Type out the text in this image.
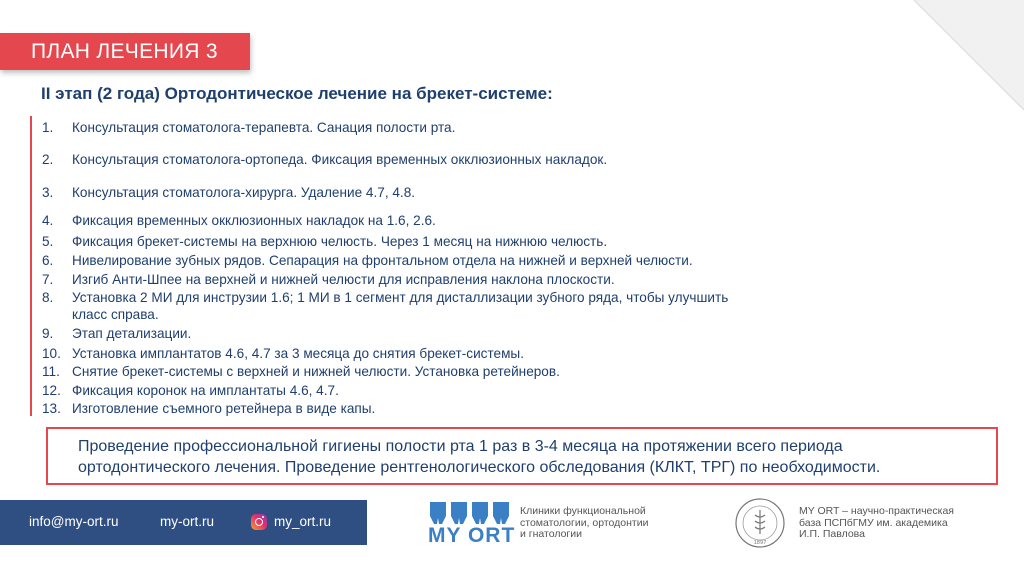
ПЛАН ЛЕЧЕНИЯ 3
II этап (2 года) Ортодонтическое лечение на брекет-системе:
1. Консультация стоматолога-терапевта. Санация полости рта.
2. Консультация стоматолога-ортопеда. Фиксация временных окклюзионных накладок.
3. Консультация стоматолога-хирурга. Удаление 4.7, 4.8.
4. Фиксация временных окклюзионных накладок на 1.6, 2.6.
5. Фиксация брекет-системы на верхнюю челюсть. Через 1 месяц на нижнюю челюсть.
6. Нивелирование зубных рядов. Сепарация на фронтальном отдела на нижней и верхней челюсти.
7. Изгиб Анти-Шпее на верхней и нижней челюсти для исправления наклона плоскости.
8. Установка 2 МИ для инструзии 1.6; 1 МИ в 1 сегмент для дисталлизации зубного ряда, чтобы улучшить
класс справа.
9. Этап детализации.
10. Установка имплантатов 4.6, 4.7 за 3 месяца до снятия брекет-системы.
11. Снятие брекет-системы с верхней и нижней челюсти. Установка ретейнеров.
12. Фиксация коронок на имплантаты 4.6, 4.7.
13. Изготовление съемного ретейнера в виде капы.
Проведение профессиональной гигиены полости рта 1 раз в 3-4 месяца на протяжении всего периода
ортодонтического лечения. Проведение рентгенологического обследования (КЛКТ, ТРГ) по необходимости.
info@my-ort.ru	my-ort.ru	my_ort.ru
MY ORT
Клиники функциональной
стоматологии, ортодонтии
и гнатологии
1897
MY ORT – научно-практическая
база ПСПбГМУ им. академика
И.П. Павлова
